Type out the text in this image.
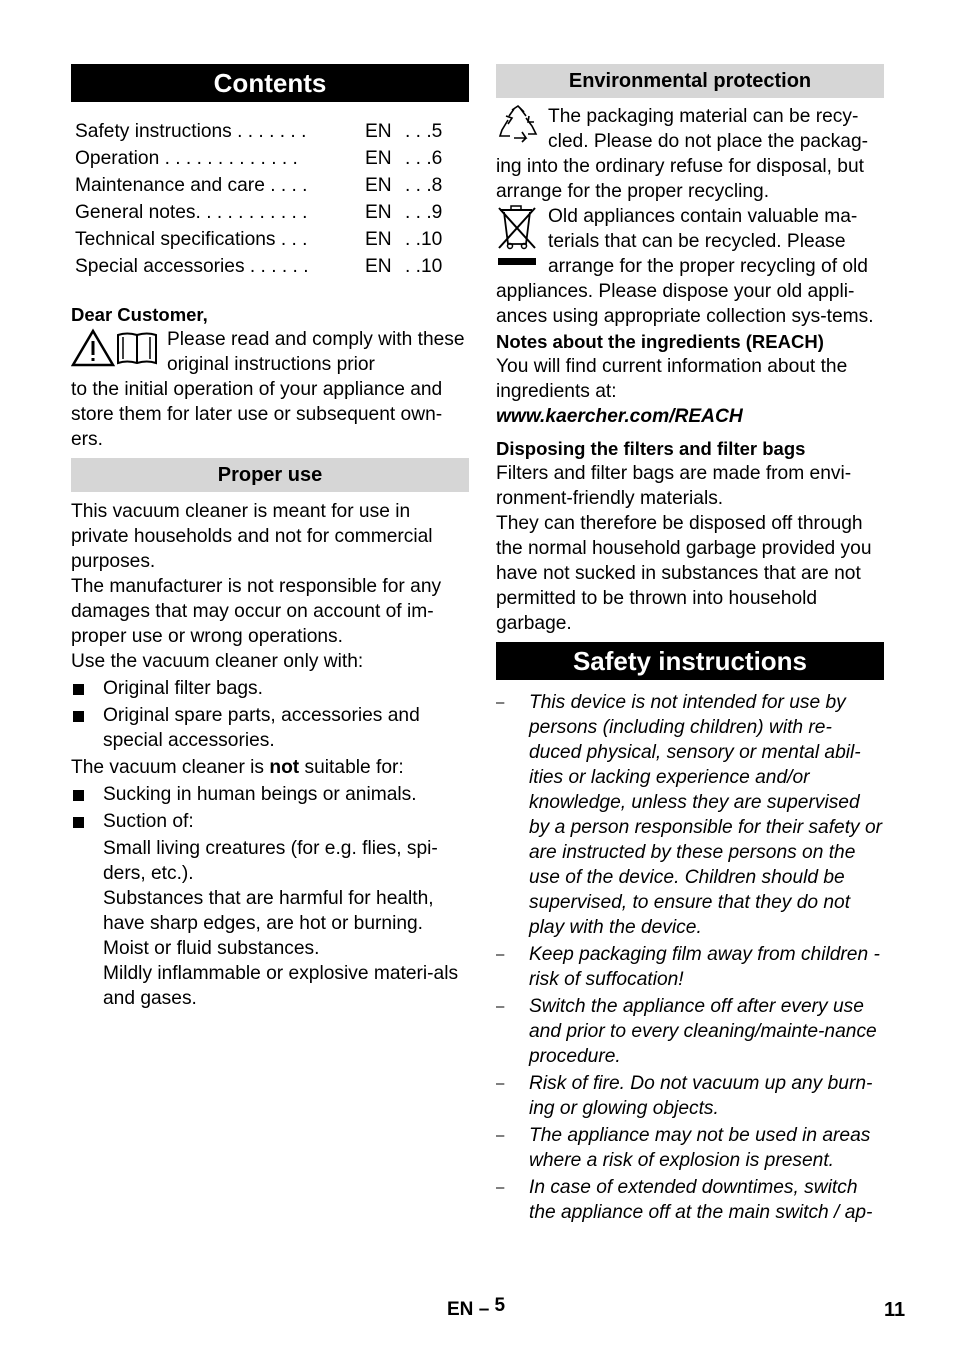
Contents
Safety instructions . . . . . . .	EN . . .5
Operation . . . . . . . . . . . . .	EN . . .6
Maintenance and care . . . .	EN . . .8
General notes. . . . . . . . . . .	EN . . .9
Technical specifications . . .	EN . .10
Special accessories . . . . . .	EN . .10

Dear Customer,

Please read and comply with these original instructions prior

to the initial operation of your appliance and store them for later use or subsequent own-ers.

Proper use

This vacuum cleaner is meant for use in private households and not for commercial purposes.

The manufacturer is not responsible for any damages that may occur on account of im-proper use or wrong operations.

Use the vacuum cleaner only with:

Original filter bags.
Original spare parts, accessories and special accessories.

The vacuum cleaner is not suitable for:

Sucking in human beings or animals.
Suction of:

Small living creatures (for e.g. flies, spi-ders, etc.).

Substances that are harmful for health, have sharp edges, are hot or burning.

Moist or fluid substances.

Mildly inflammable or explosive materi-als and gases.

Environmental protection

The packaging material can be recy-cled. Please do not place the packag-

ing into the ordinary refuse for disposal, but arrange for the proper recycling.

Old appliances contain valuable ma-terials that can be recycled. Please arrange for the proper recycling of old

appliances. Please dispose your old appli-ances using appropriate collection sys-tems.

Notes about the ingredients (REACH)

You will find current information about the ingredients at:

www.kaercher.com/REACH

Disposing the filters and filter bags

Filters and filter bags are made from envi-ronment-friendly materials.

They can therefore be disposed off through the normal household garbage provided you have not sucked in substances that are not permitted to be thrown into household garbage.

Safety instructions
– This device is not intended for use by persons (including children) with re-duced physical, sensory or mental abil-ities or lacking experience and/or knowledge, unless they are supervised by a person responsible for their safety or are instructed by these persons on the use of the device. Children should be supervised, to ensure that they do not play with the device.
– Keep packaging film away from children - risk of suffocation!
– Switch the appliance off after every use and prior to every cleaning/mainte-nance procedure.
– Risk of fire. Do not vacuum up any burn-ing or glowing objects.
– The appliance may not be used in areas where a risk of explosion is present.
– In case of extended downtimes, switch the appliance off at the main switch / ap-
EN – 5	11
